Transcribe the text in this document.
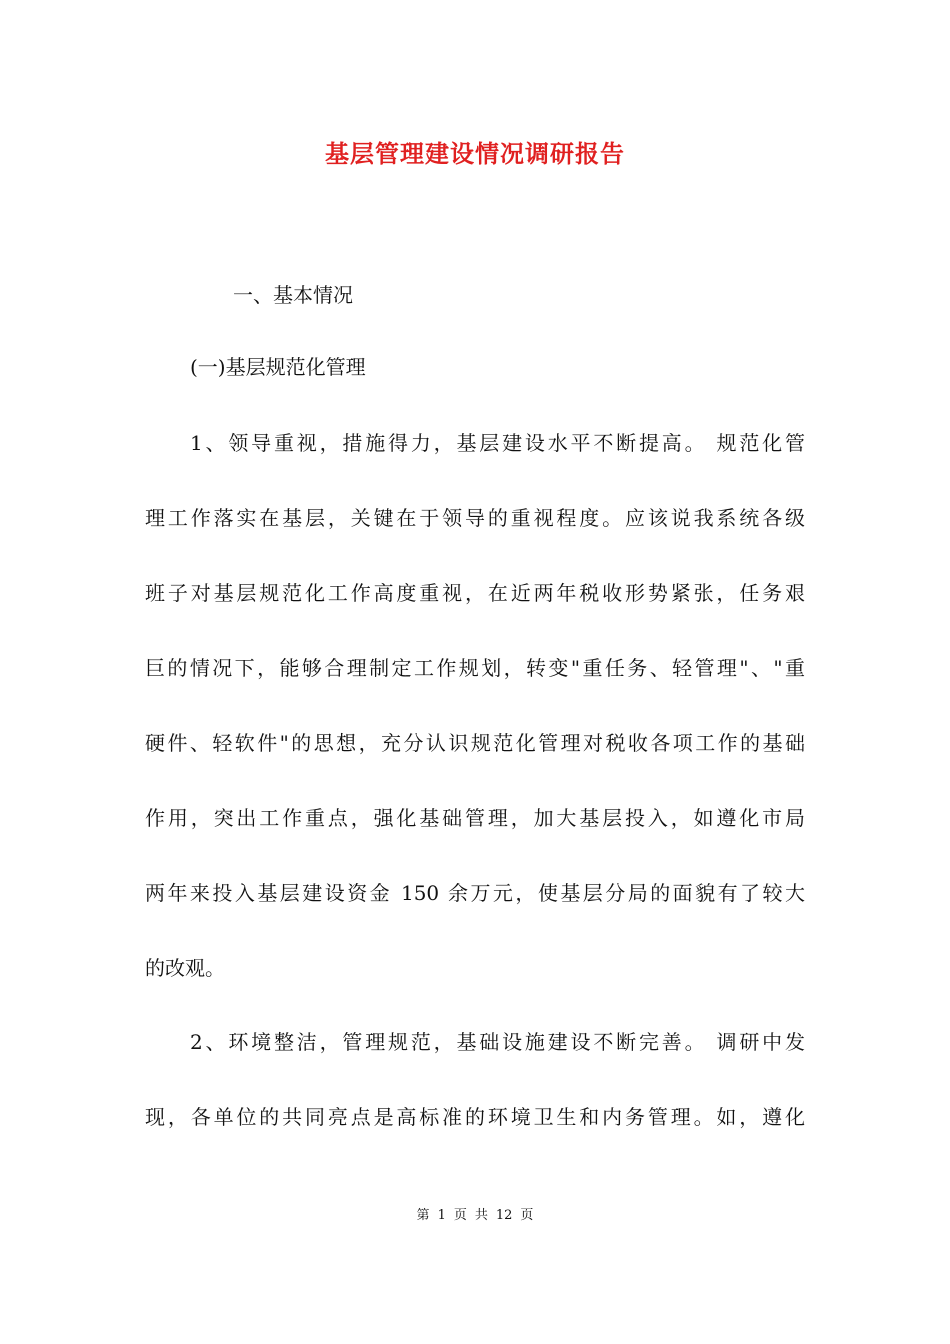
基层管理建设情况调研报告

一、基本情况

(一)基层规范化管理

1、领导重视，措施得力，基层建设水平不断提高。 规范化管
理工作落实在基层，关键在于领导的重视程度。应该说我系统各级
班子对基层规范化工作高度重视，在近两年税收形势紧张，任务艰
巨的情况下，能够合理制定工作规划，转变"重任务、轻管理"、"重
硬件、轻软件"的思想，充分认识规范化管理对税收各项工作的基础
作用，突出工作重点，强化基础管理，加大基层投入，如遵化市局
两年来投入基层建设资金 150 余万元，使基层分局的面貌有了较大
的改观。
2、环境整洁，管理规范，基础设施建设不断完善。 调研中发
现，各单位的共同亮点是高标准的环境卫生和内务管理。如，遵化

第 1 页 共 12 页
